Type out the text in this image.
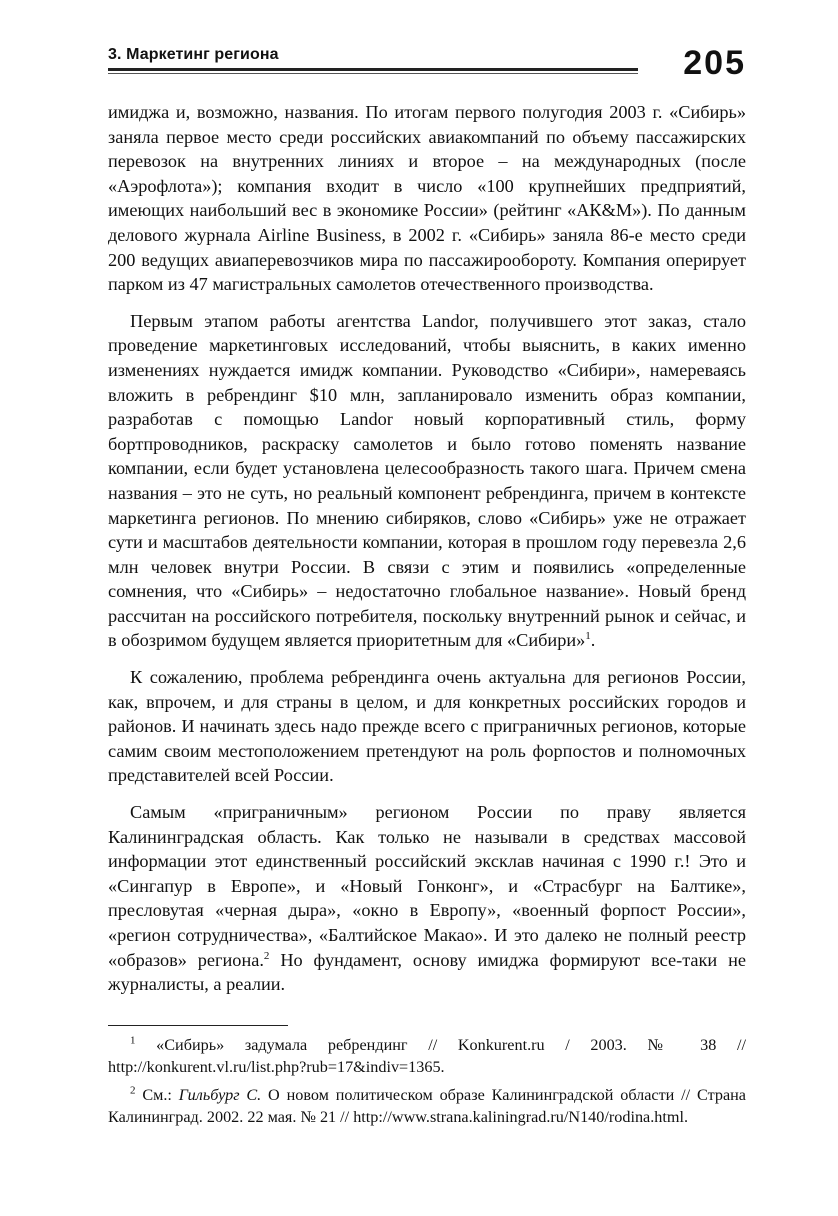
3. Маркетинг региона	205

имиджа и, возможно, названия. По итогам первого полугодия 2003 г. «Сибирь» заняла первое место среди российских авиакомпаний по объему пассажирских перевозок на внутренних линиях и второе – на международных (после «Аэрофлота»); компания входит в число «100 крупнейших предприятий, имеющих наибольший вес в экономике России» (рейтинг «АК&М»). По данным делового журнала Airline Business, в 2002 г. «Сибирь» заняла 86-е место среди 200 ведущих авиаперевозчиков мира по пассажирообороту. Компания оперирует парком из 47 магистральных самолетов отечественного производства.

Первым этапом работы агентства Landor, получившего этот заказ, стало проведение маркетинговых исследований, чтобы выяснить, в каких именно изменениях нуждается имидж компании. Руководство «Сибири», намереваясь вложить в ребрендинг $10 млн, запланировало изменить образ компании, разработав с помощью Landor новый корпоративный стиль, форму бортпроводников, раскраску самолетов и было готово поменять название компании, если будет установлена целесообразность такого шага. Причем смена названия – это не суть, но реальный компонент ребрендинга, причем в контексте маркетинга регионов. По мнению сибиряков, слово «Сибирь» уже не отражает сути и масштабов деятельности компании, которая в прошлом году перевезла 2,6 млн человек внутри России. В связи с этим и появились «определенные сомнения, что «Сибирь» – недостаточно глобальное название». Новый бренд рассчитан на российского потребителя, поскольку внутренний рынок и сейчас, и в обозримом будущем является приоритетным для «Сибири»$^1$.

К сожалению, проблема ребрендинга очень актуальна для регионов России, как, впрочем, и для страны в целом, и для конкретных российских городов и районов. И начинать здесь надо прежде всего с приграничных регионов, которые самим своим местоположением претендуют на роль форпостов и полномочных представителей всей России.

Самым «приграничным» регионом России по праву является Калининградская область. Как только не называли в средствах массовой информации этот единственный российский эксклав начиная с 1990 г.! Это и «Сингапур в Европе», и «Новый Гонконг», и «Страсбург на Балтике», пресловутая «черная дыра», «окно в Европу», «военный форпост России», «регион сотрудничества», «Балтийское Макао». И это далеко не полный реестр «образов» региона.$^2$ Но фундамент, основу имиджа формируют все-таки не журналисты, а реалии.

$^1$ «Сибирь» задумала ребрендинг // Konkurent.ru / 2003. № 38 // http://konkurent.vl.ru/list.php?rub=17&indiv=1365.

$^2$ См.: Гильбург С. О новом политическом образе Калининградской области // Страна Калининград. 2002. 22 мая. № 21 // http://www.strana.kaliningrad.ru/N140/rodina.html.
